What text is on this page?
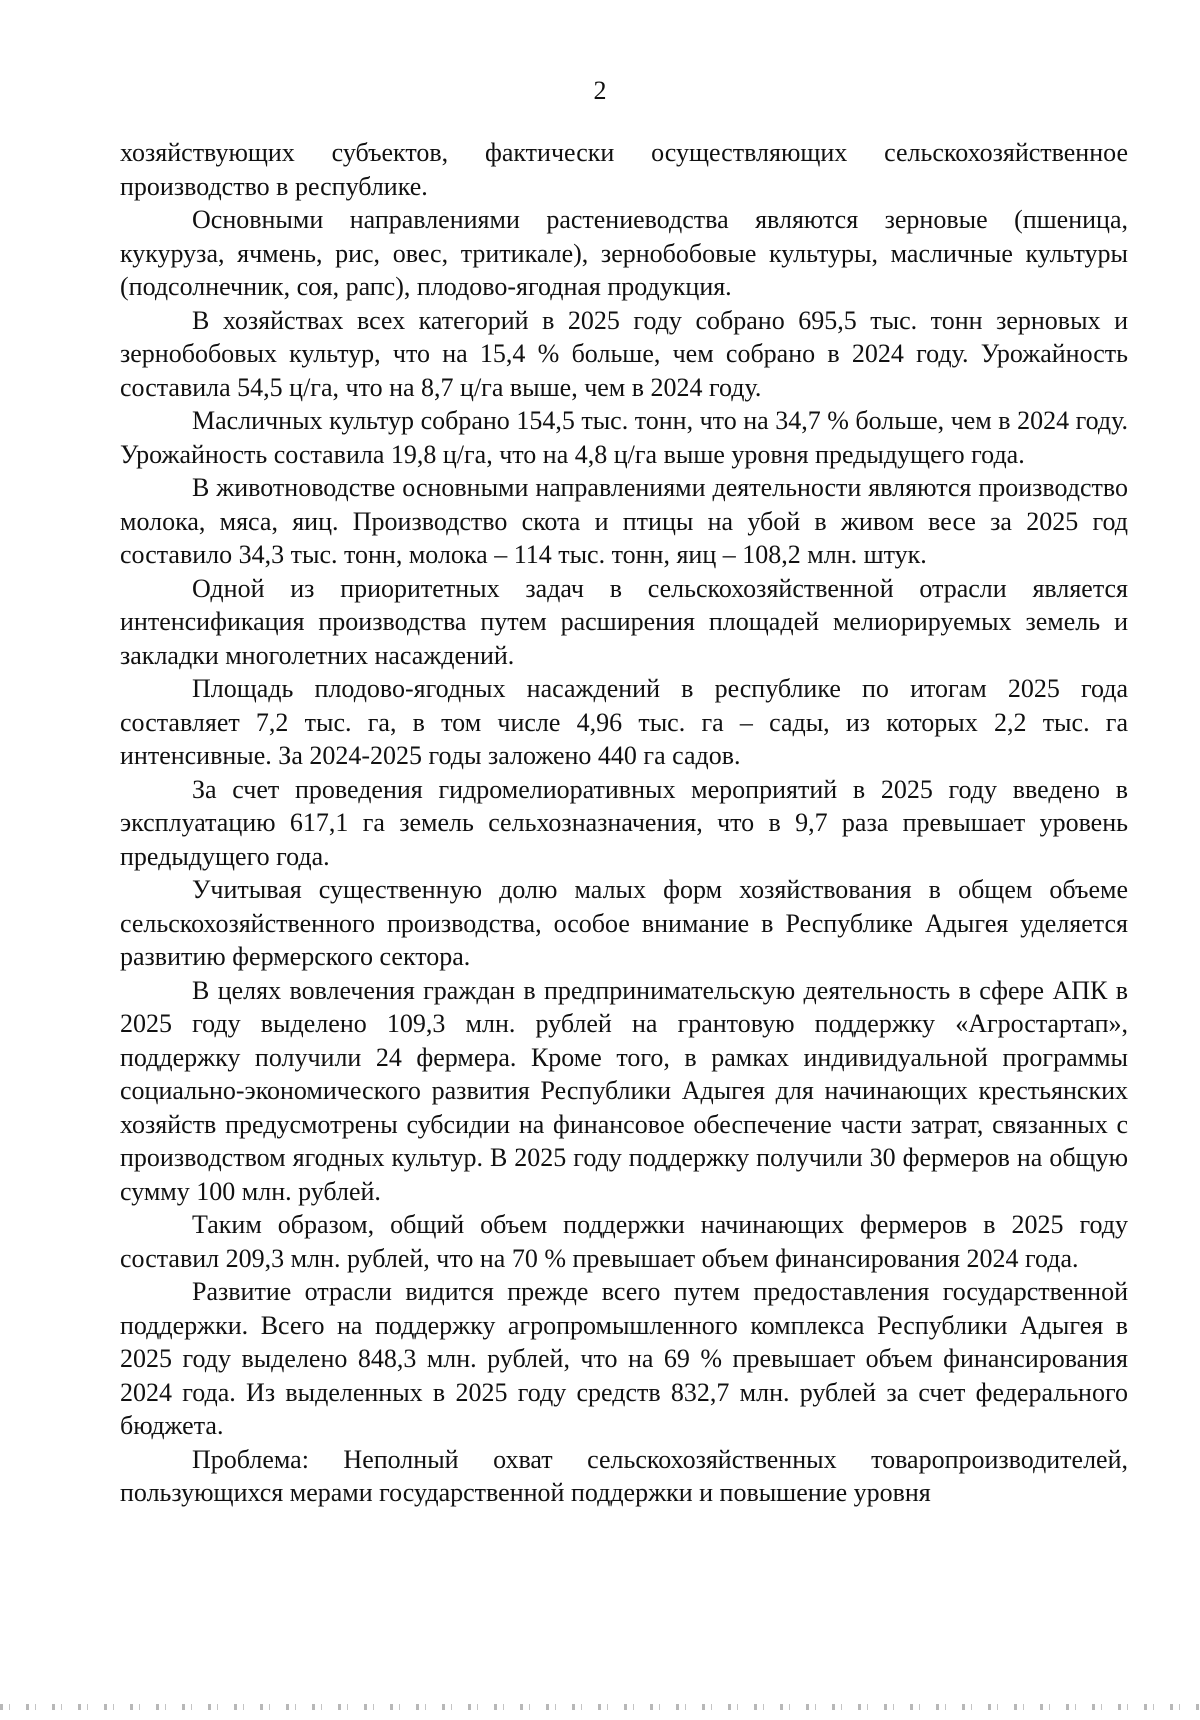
2

хозяйствующих субъектов, фактически осуществляющих сельскохозяйственное производство в республике.

Основными направлениями растениеводства являются зерновые (пшеница, кукуруза, ячмень, рис, овес, тритикале), зернобобовые культуры, масличные культуры (подсолнечник, соя, рапс), плодово-ягодная продукция.

В хозяйствах всех категорий в 2025 году собрано 695,5 тыс. тонн зерновых и зернобобовых культур, что на 15,4 % больше, чем собрано в 2024 году. Урожайность составила 54,5 ц/га, что на 8,7 ц/га выше, чем в 2024 году.

Масличных культур собрано 154,5 тыс. тонн, что на 34,7 % больше, чем в 2024 году. Урожайность составила 19,8 ц/га, что на 4,8 ц/га выше уровня предыдущего года.

В животноводстве основными направлениями деятельности являются производство молока, мяса, яиц. Производство скота и птицы на убой в живом весе за 2025 год составило 34,3 тыс. тонн, молока – 114 тыс. тонн, яиц – 108,2 млн. штук.

Одной из приоритетных задач в сельскохозяйственной отрасли является интенсификация производства путем расширения площадей мелиорируемых земель и закладки многолетних насаждений.

Площадь плодово-ягодных насаждений в республике по итогам 2025 года составляет 7,2 тыс. га, в том числе 4,96 тыс. га – сады, из которых 2,2 тыс. га интенсивные. За 2024-2025 годы заложено 440 га садов.

За счет проведения гидромелиоративных мероприятий в 2025 году введено в эксплуатацию 617,1 га земель сельхозназначения, что в 9,7 раза превышает уровень предыдущего года.

Учитывая существенную долю малых форм хозяйствования в общем объеме сельскохозяйственного производства, особое внимание в Республике Адыгея уделяется развитию фермерского сектора.

В целях вовлечения граждан в предпринимательскую деятельность в сфере АПК в 2025 году выделено 109,3 млн. рублей на грантовую поддержку «Агростартап», поддержку получили 24 фермера. Кроме того, в рамках индивидуальной программы социально-экономического развития Республики Адыгея для начинающих крестьянских хозяйств предусмотрены субсидии на финансовое обеспечение части затрат, связанных с производством ягодных культур. В 2025 году поддержку получили 30 фермеров на общую сумму 100 млн. рублей.

Таким образом, общий объем поддержки начинающих фермеров в 2025 году составил 209,3 млн. рублей, что на 70 % превышает объем финансирования 2024 года.

Развитие отрасли видится прежде всего путем предоставления государственной поддержки. Всего на поддержку агропромышленного комплекса Республики Адыгея в 2025 году выделено 848,3 млн. рублей, что на 69 % превышает объем финансирования 2024 года. Из выделенных в 2025 году средств 832,7 млн. рублей за счет федерального бюджета.

Проблема: Неполный охват сельскохозяйственных товаропроизводителей, пользующихся мерами государственной поддержки и повышение уровня
